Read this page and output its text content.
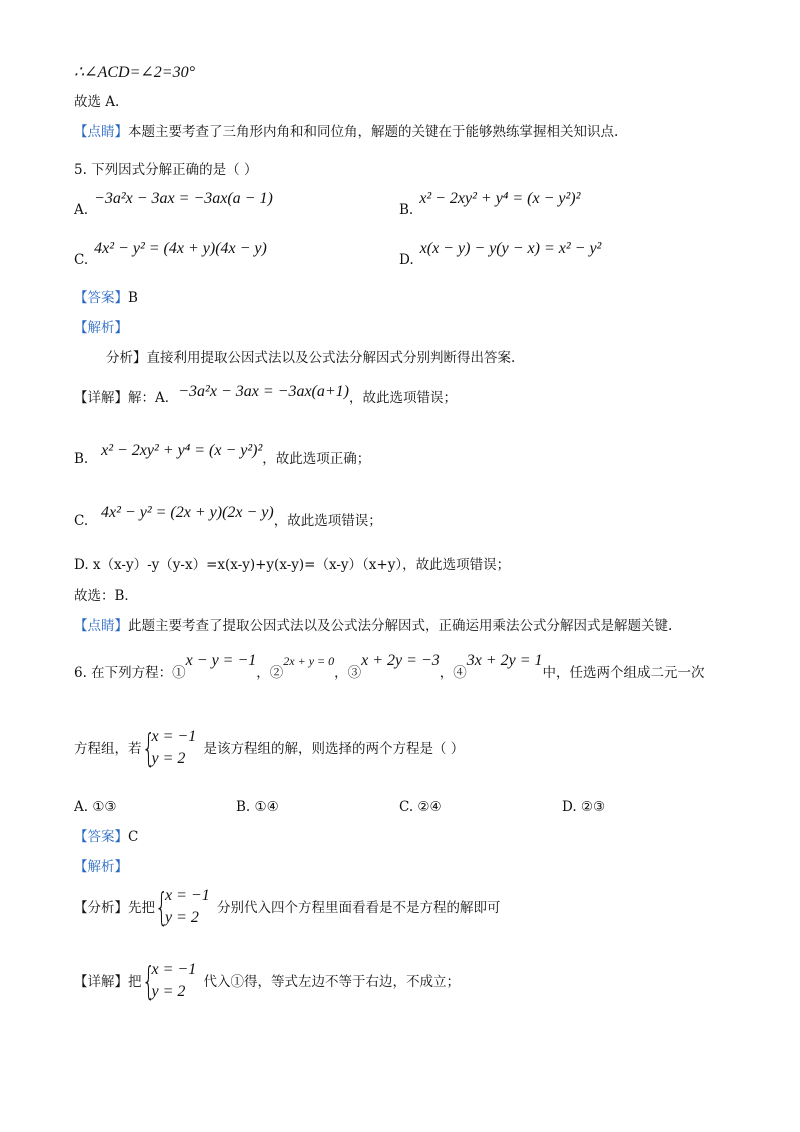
∴∠ACD=∠2=30°
故选 A.
【点睛】本题主要考查了三角形内角和和同位角，解题的关键在于能够熟练掌握相关知识点.
5. 下列因式分解正确的是（ ）
A.−3a²x − 3ax = −3ax(a − 1)
B.x² − 2xy² + y⁴ = (x − y²)²
C.4x² − y² = (4x + y)(4x − y)
D.x(x − y) − y(y − x) = x² − y²
【答案】B
【解析】
分析】直接利用提取公因式法以及公式法分解因式分别判断得出答案.
【详解】解：A．−3a²x − 3ax = −3ax(a+1)，故此选项错误；
B. x² − 2xy² + y⁴ = (x − y²)²，故此选项正确；
C. 4x² − y² = (2x + y)(2x − y)，故此选项错误；
D. x（x-y）-y（y-x）=x(x-y)+y(x-y)=（x-y）（x+y），故此选项错误；
故选：B．
【点睛】此题主要考查了提取公因式法以及公式法分解因式，正确运用乘法公式分解因式是解题关键.
6. 在下列方程：①x − y = −1，②2x + y = 0，③x + 2y = −3，④3x + 2y = 1中，任选两个组成二元一次
方程组，若 {
x = −1
y = 2
是该方程组的解，则选择的两个方程是（ ）
A. ①③	B. ①④	C. ②④	D. ②③
【答案】C
【解析】
【分析】先把 {
x = −1
y = 2
分别代入四个方程里面看看是不是方程的解即可
【详解】把 {
x = −1
y = 2
代入①得，等式左边不等于右边，不成立；
